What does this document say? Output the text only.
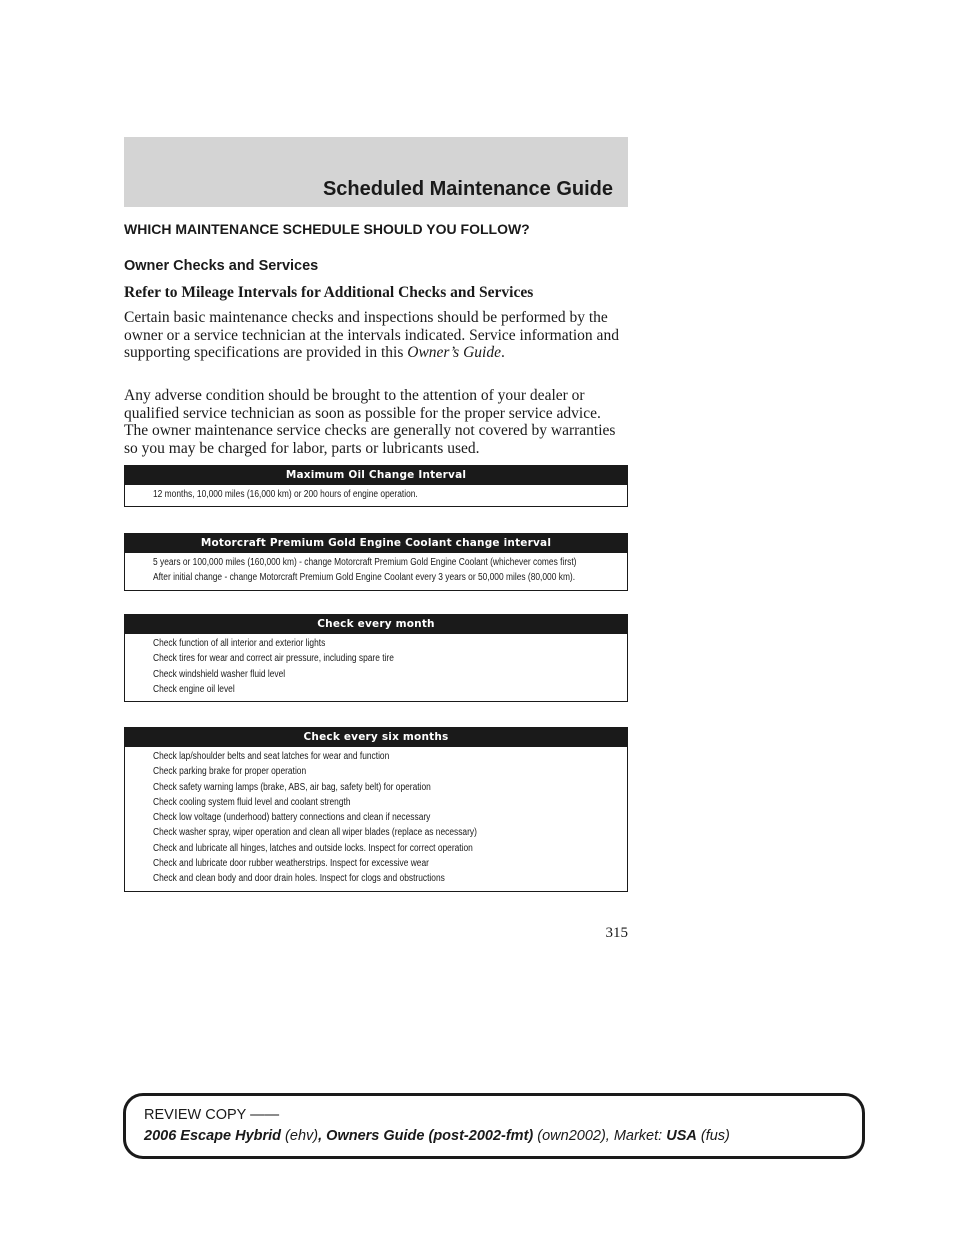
Scheduled Maintenance Guide
WHICH MAINTENANCE SCHEDULE SHOULD YOU FOLLOW?
Owner Checks and Services

Refer to Mileage Intervals for Additional Checks and Services

Certain basic maintenance checks and inspections should be performed by the owner or a service technician at the intervals indicated. Service information and supporting specifications are provided in this Owner’s Guide.

Any adverse condition should be brought to the attention of your dealer or qualified service technician as soon as possible for the proper service advice. The owner maintenance service checks are generally not covered by warranties so you may be charged for labor, parts or lubricants used.

Maximum Oil Change Interval
12 months, 10,000 miles (16,000 km) or 200 hours of engine operation.
Motorcraft Premium Gold Engine Coolant change interval
5 years or 100,000 miles (160,000 km) - change Motorcraft Premium Gold Engine Coolant (whichever comes first)
After initial change - change Motorcraft Premium Gold Engine Coolant every 3 years or 50,000 miles (80,000 km).
Check every month
Check function of all interior and exterior lights
Check tires for wear and correct air pressure, including spare tire
Check windshield washer fluid level
Check engine oil level
Check every six months
Check lap/shoulder belts and seat latches for wear and function
Check parking brake for proper operation
Check safety warning lamps (brake, ABS, air bag, safety belt) for operation
Check cooling system fluid level and coolant strength
Check low voltage (underhood) battery connections and clean if necessary
Check washer spray, wiper operation and clean all wiper blades (replace as necessary)
Check and lubricate all hinges, latches and outside locks. Inspect for correct operation
Check and lubricate door rubber weatherstrips. Inspect for excessive wear
Check and clean body and door drain holes. Inspect for clogs and obstructions
315
REVIEW COPY ——
2006 Escape Hybrid (ehv), Owners Guide (post-2002-fmt) (own2002), Market: USA (fus)
